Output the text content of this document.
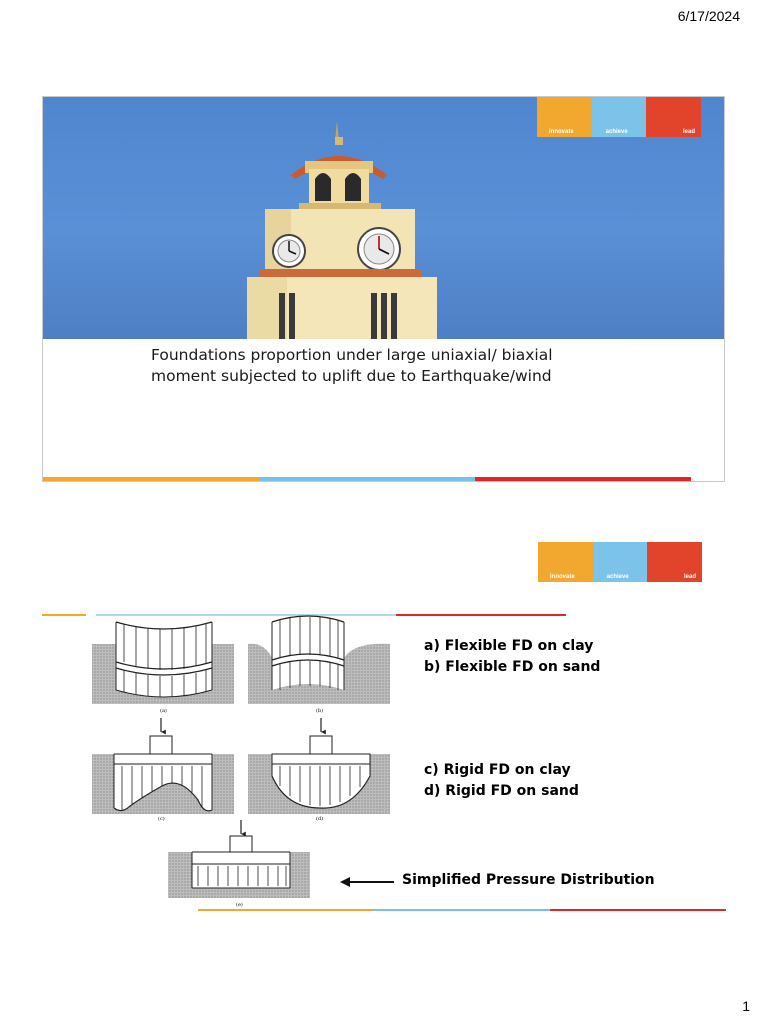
6/17/2024
innovate	achieve	lead
Foundations proportion under large uniaxial/ biaxial
moment subjected to uplift due to Earthquake/wind
innovate	achieve	lead
(a)	(b)
(c)	(d)
(e)
a) Flexible FD on clay
b) Flexible FD on sand
c) Rigid FD on clay
d) Rigid FD on sand
Simplified Pressure Distribution
1
